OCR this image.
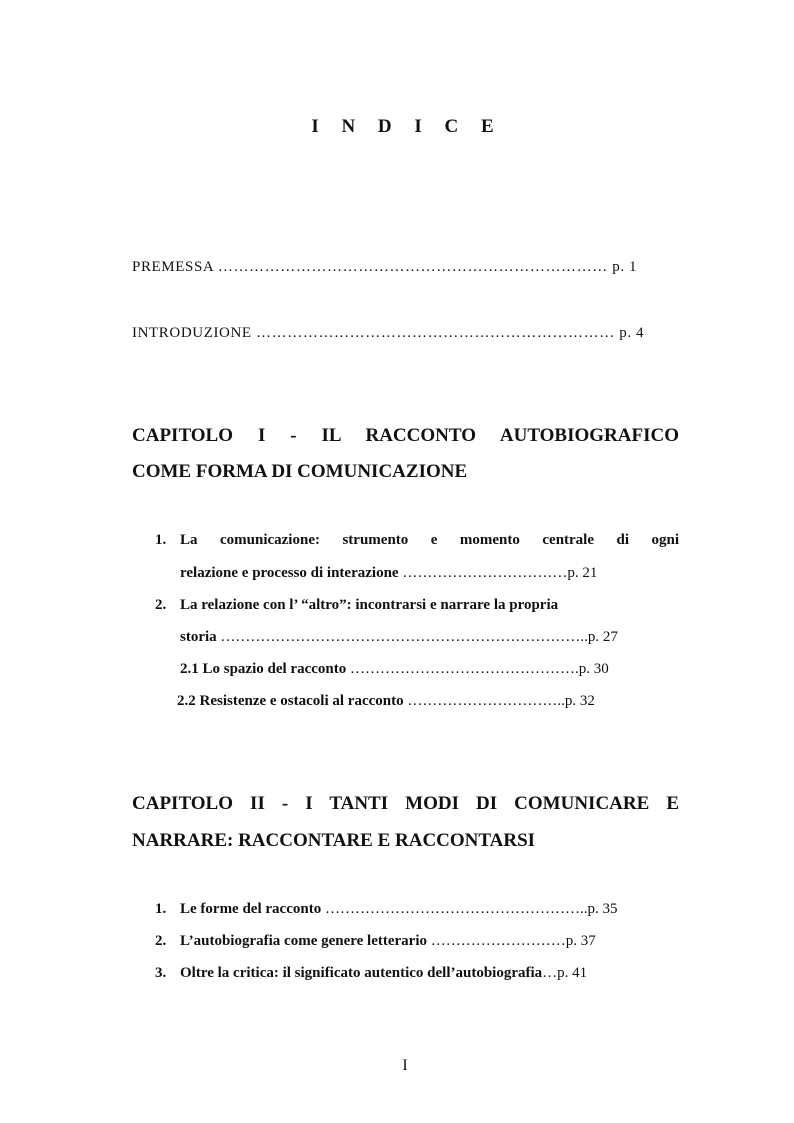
I N D I C E
PREMESSA ………………………………………………………………… p. 1
INTRODUZIONE …………………………………………………………… p. 4
CAPITOLO I - IL RACCONTO AUTOBIOGRAFICO
COME FORMA DI COMUNICAZIONE
1. La comunicazione: strumento e momento centrale di ogni
relazione e processo di interazione ……………………………p. 21
2. La relazione con l’ “altro”: incontrarsi e narrare la propria
storia ………………………………………………………………..p. 27
2.1 Lo spazio del racconto ……………………………………….p. 30
2.2 Resistenze e ostacoli al racconto …………………………..p. 32
CAPITOLO II - I TANTI MODI DI COMUNICARE E
NARRARE: RACCONTARE E RACCONTARSI
1. Le forme del racconto ……………………………………………..p. 35
2. L’autobiografia come genere letterario ………………………p. 37
3. Oltre la critica: il significato autentico dell’autobiografia…p. 41
I
